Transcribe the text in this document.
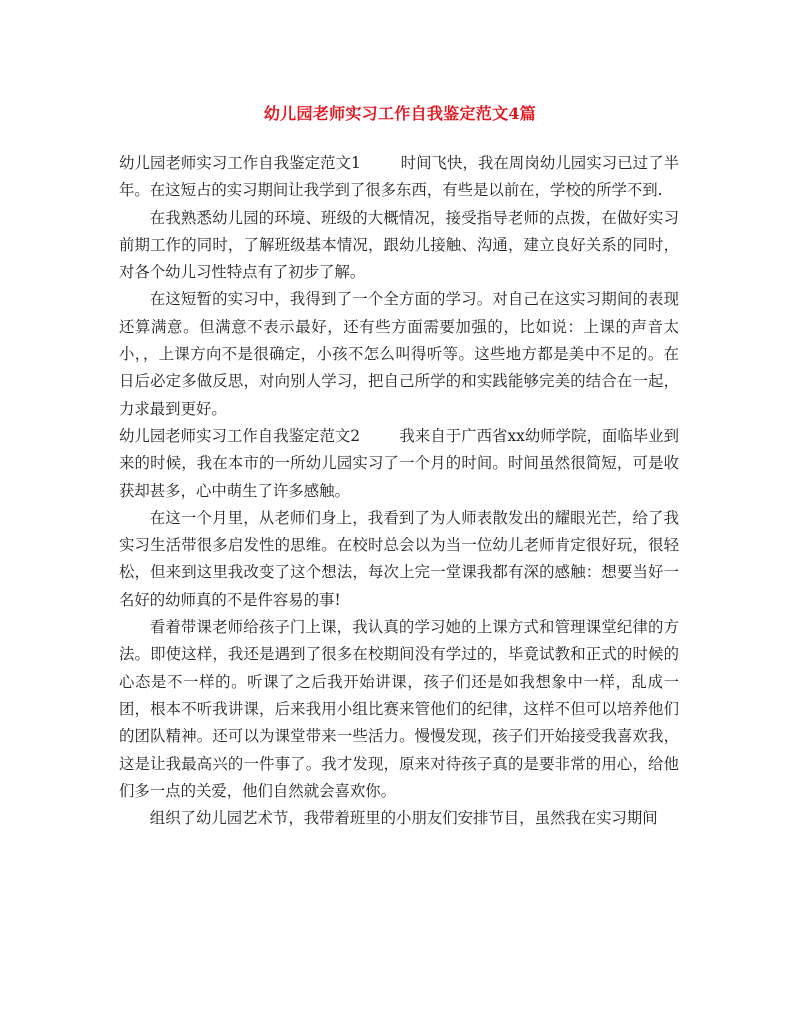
幼儿园老师实习工作自我鉴定范文4篇

幼儿园老师实习工作自我鉴定范文1	时间飞快，我在周岗幼儿园实习已过了半年。在这短占的实习期间让我学到了很多东西，有些是以前在，学校的所学不到.

在我熟悉幼儿园的环境、班级的大概情况，接受指导老师的点拨，在做好实习前期工作的同时，了解班级基本情况，跟幼儿接触、沟通，建立良好关系的同时，对各个幼儿习性特点有了初步了解。

在这短暂的实习中，我得到了一个全方面的学习。对自己在这实习期间的表现还算满意。但满意不表示最好，还有些方面需要加强的，比如说：上课的声音太小，，上课方向不是很确定，小孩不怎么叫得听等。这些地方都是美中不足的。在日后必定多做反思，对向别人学习，把自己所学的和实践能够完美的结合在一起，力求最到更好。

幼儿园老师实习工作自我鉴定范文2	我来自于广西省xx幼师学院，面临毕业到来的时候，我在本市的一所幼儿园实习了一个月的时间。时间虽然很简短，可是收获却甚多，心中萌生了许多感触。

在这一个月里，从老师们身上，我看到了为人师表散发出的耀眼光芒，给了我实习生活带很多启发性的思维。在校时总会以为当一位幼儿老师肯定很好玩，很轻松，但来到这里我改变了这个想法，每次上完一堂课我都有深的感触：想要当好一名好的幼师真的不是件容易的事!

看着带课老师给孩子门上课，我认真的学习她的上课方式和管理课堂纪律的方法。即使这样，我还是遇到了很多在校期间没有学过的，毕竟试教和正式的时候的心态是不一样的。听课了之后我开始讲课，孩子们还是如我想象中一样，乱成一团，根本不听我讲课，后来我用小组比赛来管他们的纪律，这样不但可以培养他们的团队精神。还可以为课堂带来一些活力。慢慢发现，孩子们开始接受我喜欢我，这是让我最高兴的一件事了。我才发现，原来对待孩子真的是要非常的用心，给他们多一点的关爱，他们自然就会喜欢你。

组织了幼儿园艺术节，我带着班里的小朋友们安排节目，虽然我在实习期间
